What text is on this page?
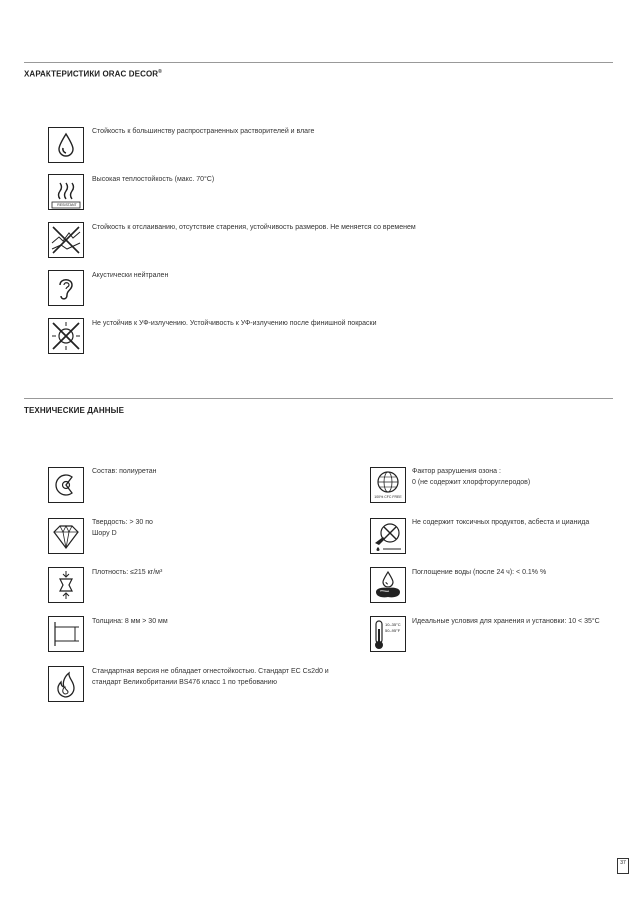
ХАРАКТЕРИСТИКИ ORAC DECOR®
Стойкость к большинству распространенных растворителей и влаге
RESISTANT
Высокая теплостойкость (макс. 70°C)
Стойкость к отслаиванию, отсутствие старения, устойчивость размеров. Не меняется со временем
Акустически нейтрален
Не устойчив к УФ-излучению. Устойчивость к УФ-излучению после финишной покраски
ТЕХНИЧЕСКИЕ ДАННЫЕ
Состав: полиуретан
Твердость: > 30 по
Шору D
Плотность: ≤215 кг/м³
Толщина: 8 мм > 30 мм
Стандартная версия не обладает огнестойкостью. Стандарт ЕС Cs2d0 и
стандарт Великобритании BS476 класс 1 по требованию
100% CFC FREE
Фактор разрушения озона :
0 (не содержит хлорфторуглеродов)
Не содержит токсичных продуктов, асбеста и цианида
Поглощение воды (после 24 ч): < 0.1% %
10–35°C
50–95°F
Идеальные условия для хранения и установки: 10 < 35°C
37
